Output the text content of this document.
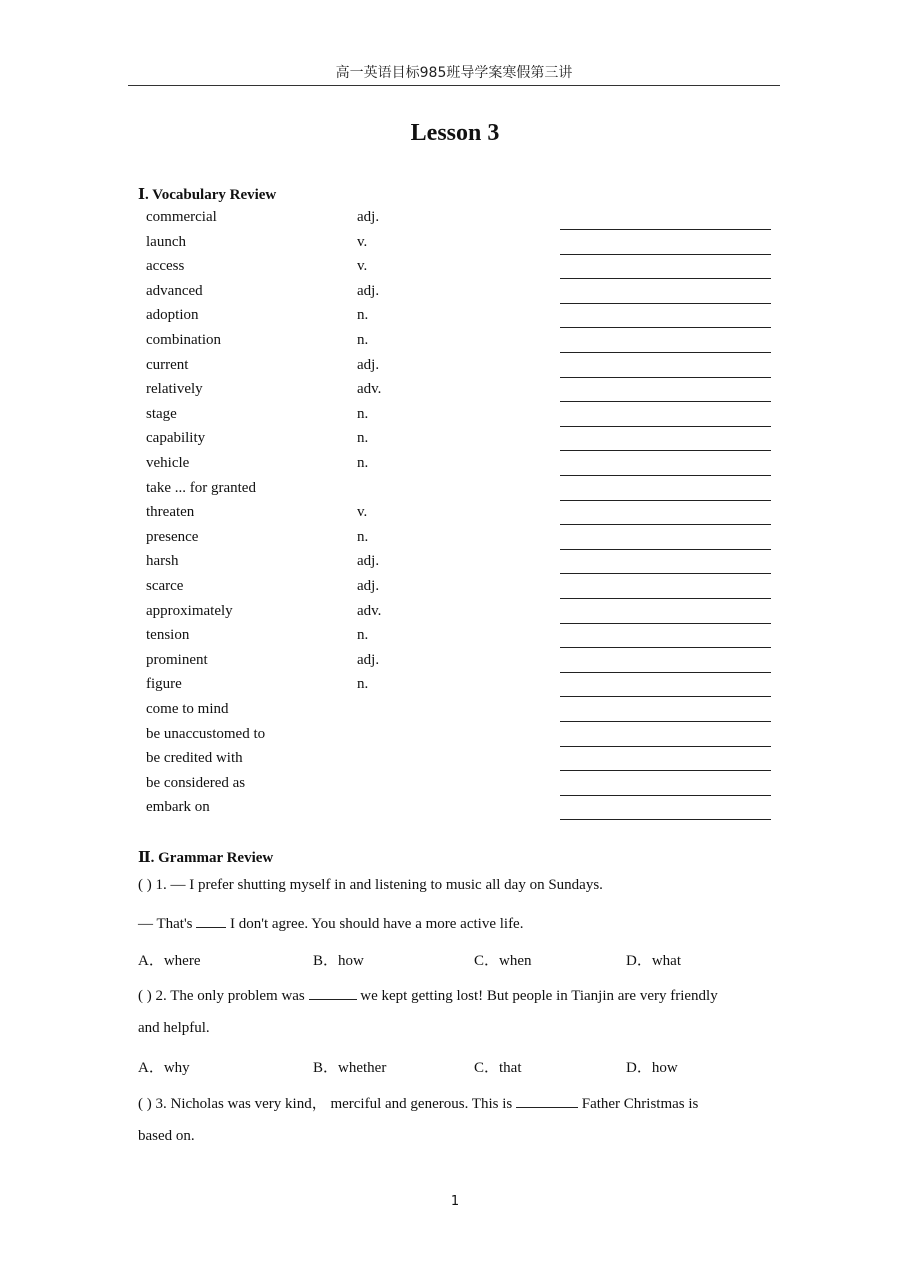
高一英语目标985班导学案寒假第三讲
Lesson 3
Ⅰ. Vocabulary Review
commercial	adj.
launch	v.
access	v.
advanced	adj.
adoption	n.
combination	n.
current	adj.
relatively	adv.
stage	n.
capability	n.
vehicle	n.
take ... for granted
threaten	v.
presence	n.
harsh	adj.
scarce	adj.
approximately	adv.
tension	n.
prominent	adj.
figure	n.
come to mind
be unaccustomed to
be credited with
be considered as
embark on
Ⅱ. Grammar Review
( ) 1. — I prefer shutting myself in and listening to music all day on Sundays.
— That's  I don't agree. You should have a more active life.
A．where	B．how	C．when	D．what
( ) 2. The only problem was	we kept getting lost! But people in Tianjin are very friendly
and helpful.
A．why	B．whether	C．that	D．how
( ) 3. Nicholas was very kind， merciful and generous. This is	Father Christmas is
based on.
1
